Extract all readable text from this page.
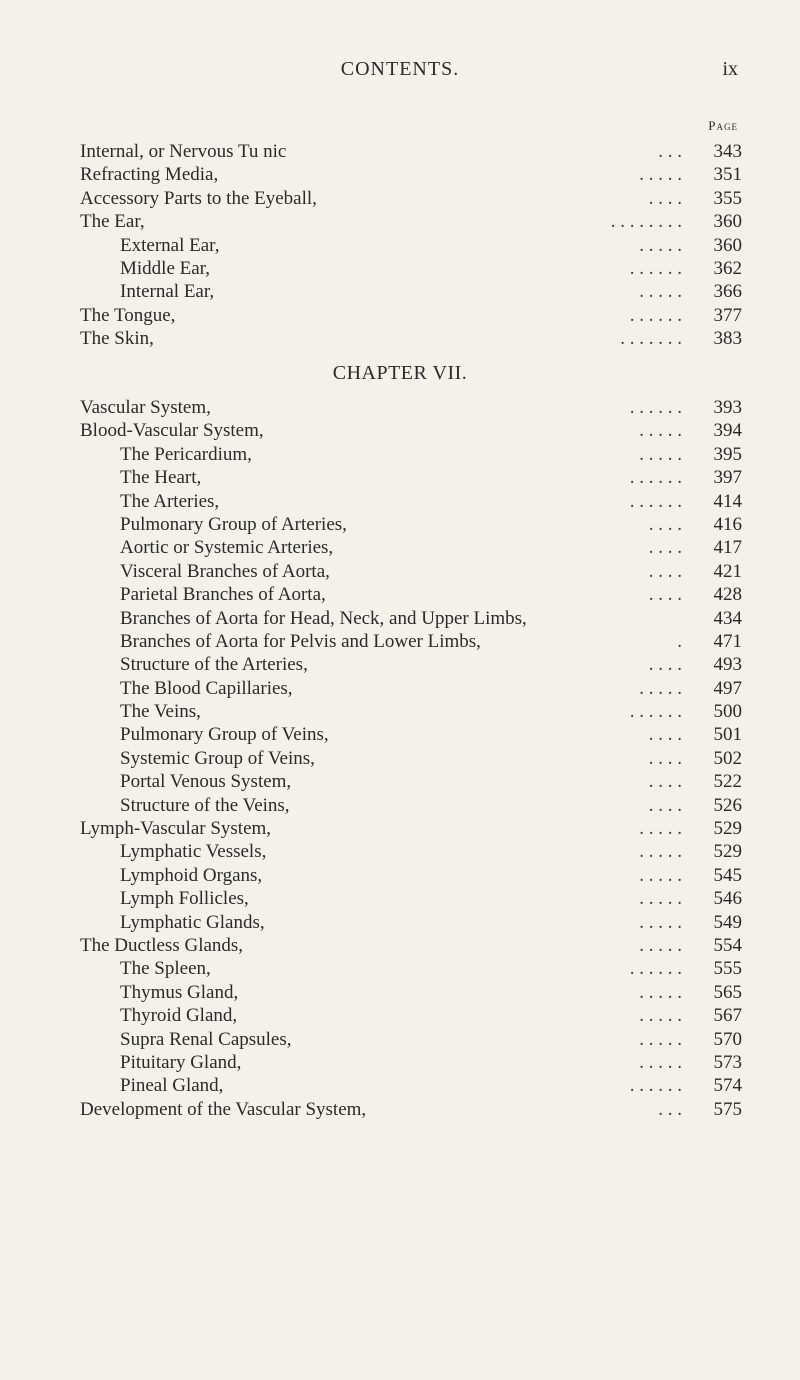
CONTENTS.	ix
Page
. . .
Internal, or Nervous Tu nic	343
. . . . .
Refracting Media,	351
. . . .
Accessory Parts to the Eyeball,	355
. . . . . . . .
The Ear,	360
. . . . .
External Ear,	360
. . . . . .
Middle Ear,	362
. . . . .
Internal Ear,	366
. . . . . .
The Tongue,	377
. . . . . . .
The Skin,	383
CHAPTER VII.
. . . . . .
Vascular System,	393
. . . . .
Blood-Vascular System,	394
. . . . .
The Pericardium,	395
. . . . . .
The Heart,	397
. . . . . .
The Arteries,	414
. . . .
Pulmonary Group of Arteries,	416
. . . .
Aortic or Systemic Arteries,	417
. . . .
Visceral Branches of Aorta,	421
. . . .
Parietal Branches of Aorta,	428
Branches of Aorta for Head, Neck, and Upper Limbs,	434
.
Branches of Aorta for Pelvis and Lower Limbs,	471
. . . .
Structure of the Arteries,	493
. . . . .
The Blood Capillaries,	497
. . . . . .
The Veins,	500
. . . .
Pulmonary Group of Veins,	501
. . . .
Systemic Group of Veins,	502
. . . .
Portal Venous System,	522
. . . .
Structure of the Veins,	526
. . . . .
Lymph-Vascular System,	529
. . . . .
Lymphatic Vessels,	529
. . . . .
Lymphoid Organs,	545
. . . . .
Lymph Follicles,	546
. . . . .
Lymphatic Glands,	549
. . . . .
The Ductless Glands,	554
. . . . . .
The Spleen,	555
. . . . .
Thymus Gland,	565
. . . . .
Thyroid Gland,	567
. . . . .
Supra Renal Capsules,	570
. . . . .
Pituitary Gland,	573
. . . . . .
Pineal Gland,	574
. . .
Development of the Vascular System,	575
